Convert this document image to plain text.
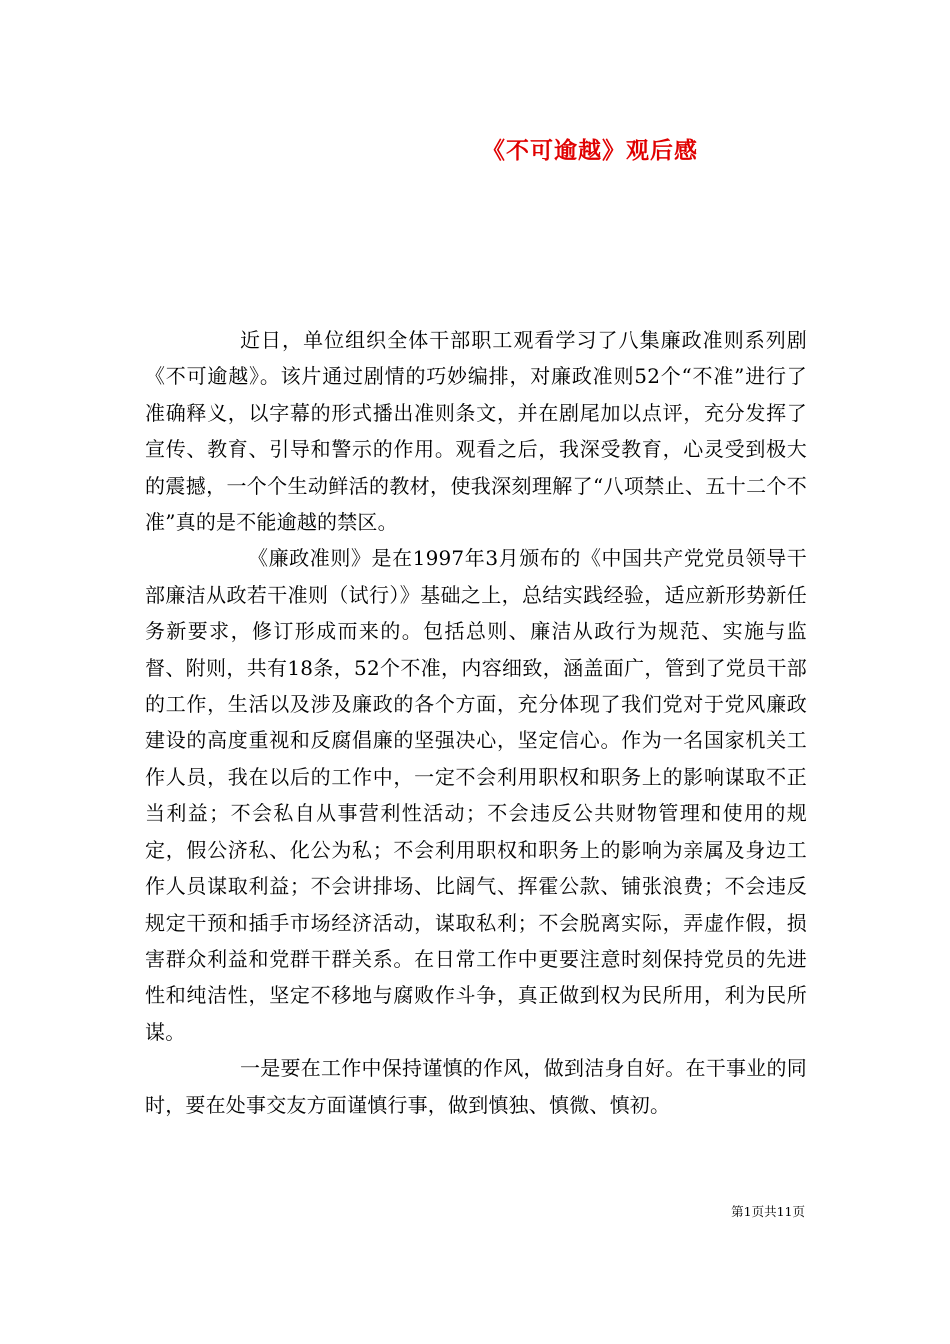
《不可逾越》观后感

近日，单位组织全体干部职工观看学习了八集廉政准则系列剧《不可逾越》。该片通过剧情的巧妙编排，对廉政准则52个“不准”进行了准确释义，以字幕的形式播出准则条文，并在剧尾加以点评，充分发挥了宣传、教育、引导和警示的作用。观看之后，我深受教育，心灵受到极大的震撼，一个个生动鲜活的教材，使我深刻理解了“八项禁止、五十二个不准”真的是不能逾越的禁区。

《廉政准则》是在1997年3月颁布的《中国共产党党员领导干部廉洁从政若干准则（试行）》基础之上，总结实践经验，适应新形势新任务新要求，修订形成而来的。包括总则、廉洁从政行为规范、实施与监督、附则，共有18条，52个不准，内容细致，涵盖面广，管到了党员干部的工作，生活以及涉及廉政的各个方面，充分体现了我们党对于党风廉政建设的高度重视和反腐倡廉的坚强决心，坚定信心。作为一名国家机关工作人员，我在以后的工作中，一定不会利用职权和职务上的影响谋取不正当利益；不会私自从事营利性活动；不会违反公共财物管理和使用的规定，假公济私、化公为私；不会利用职权和职务上的影响为亲属及身边工作人员谋取利益；不会讲排场、比阔气、挥霍公款、铺张浪费；不会违反规定干预和插手市场经济活动，谋取私利；不会脱离实际，弄虚作假，损害群众利益和党群干群关系。在日常工作中更要注意时刻保持党员的先进性和纯洁性，坚定不移地与腐败作斗争，真正做到权为民所用，利为民所谋。

一是要在工作中保持谨慎的作风，做到洁身自好。在干事业的同时，要在处事交友方面谨慎行事，做到慎独、慎微、慎初。

第1页共11页
